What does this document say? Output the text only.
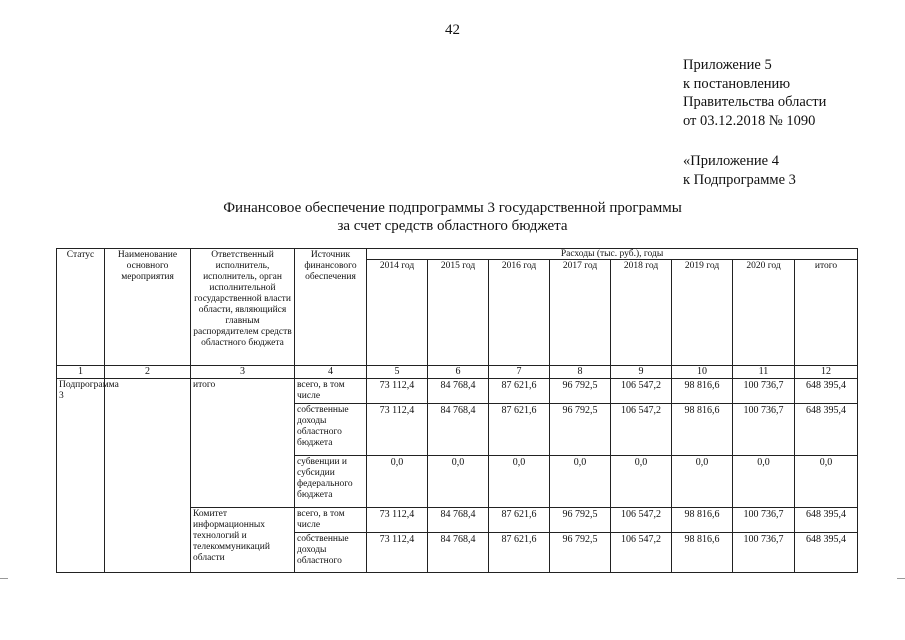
42
Приложение 5
к постановлению
Правительства области
от 03.12.2018 № 1090
«Приложение 4
к Подпрограмме 3
Финансовое обеспечение подпрограммы 3 государственной программы
за счет средств областного бюджета
Статус	Наименование основного мероприятия	Ответственный исполнитель, исполнитель, орган исполнительной государственной власти области, являющийся главным распорядителем средств областного бюджета	Источник финансового обеспечения	Расходы (тыс. руб.), годы							
				2014 год	2015 год	2016 год	2017 год	2018 год	2019 год	2020 год	итого
1	2	3	4	5	6	7	8	9	10	11	12
Подпрограмма 3		итого	всего, в том числе	73 112,4	84 768,4	87 621,6	96 792,5	106 547,2	98 816,6	100 736,7	648 395,4
			собственные доходы областного бюджета	73 112,4	84 768,4	87 621,6	96 792,5	106 547,2	98 816,6	100 736,7	648 395,4
			субвенции и субсидии федерального бюджета	0,0	0,0	0,0	0,0	0,0	0,0	0,0	0,0
		Комитет информационных технологий и телекоммуникаций области	всего, в том числе	73 112,4	84 768,4	87 621,6	96 792,5	106 547,2	98 816,6	100 736,7	648 395,4
			собственные доходы областного	73 112,4	84 768,4	87 621,6	96 792,5	106 547,2	98 816,6	100 736,7	648 395,4
